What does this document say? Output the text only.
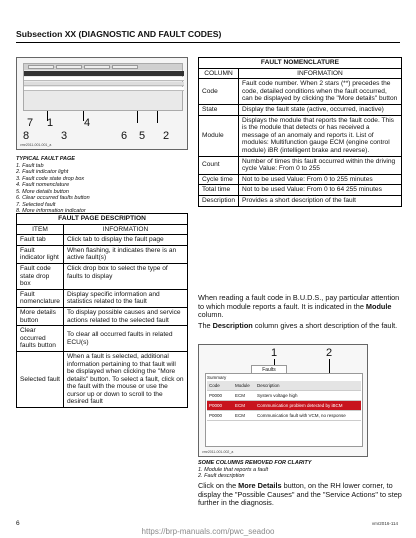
Subsection XX (DIAGNOSTIC AND FAULT CODES)
7 1	4
8	3	6 5 2
vmr2011-001-001_a
TYPICAL FAULT PAGE
1. Fault tab
2. Fault indicator light
3. Fault code state drop box
4. Fault nomenclature
5. More details button
6. Clear occurred faults button
7. Selected fault
8. More information indicator
FAULT PAGE DESCRIPTION	
ITEM	INFORMATION
Fault tab	Click tab to display the fault page
Fault indicator light	When flashing, it indicates there is an active fault(s)
Fault code state drop box	Click drop box to select the type of faults to display
Fault nomenclature	Display specific information and statistics related to the fault
More details button	To display possible causes and service actions related to the selected fault
Clear occurred faults button	To clear all occurred faults in related ECU(s)
Selected fault	When a fault is selected, additional information pertaining to that fault will be displayed when clicking the "More details" button. To select a fault, click on the fault with the mouse or use the cursor up or down to scroll to the desired fault
FAULT NOMENCLATURE	
COLUMN	INFORMATION
Code	Fault code number. When 2 stars (**) precedes the code, detailed conditions when the fault occurred, can be displayed by clicking the "More details" button
State	Display the fault state (active, occurred, inactive)
Module	Displays the module that reports the fault code. This is the module that detects or has received a message of an anomaly and reports it. List of modules: Multifunction gauge ECM (engine control module) iBR (intelligent brake and reverse).
Count	Number of times this fault occurred within the driving cycle Value: From 0 to 255
Cycle time	Not to be used Value: From 0 to 255 minutes
Total time	Not to be used Value: From 0 to 64 255 minutes
Description	Provides a short description of the fault

When reading a fault code in B.U.D.S., pay particular attention to which module reports a fault. It is indicated in the Module column.

The Description column gives a short description of the fault.

1	2
Faults
Summary
Code	Module	Description
P0000	ECM	System voltage high
P0000	ECM	Communication problem detected by iBCM
P0000	ECM	Communication fault with VCM, no response
vmr2011-001-002_a
SOME COLUMNS REMOVED FOR CLARITY
1. Module that reports a fault
2. Fault description

Click on the More Details button, on the RH lower corner, to display the "Possible Causes" and the "Service Actions" to step further in the diagnosis.

6	vmr2016-114
https://brp-manuals.com/pwc_seadoo
